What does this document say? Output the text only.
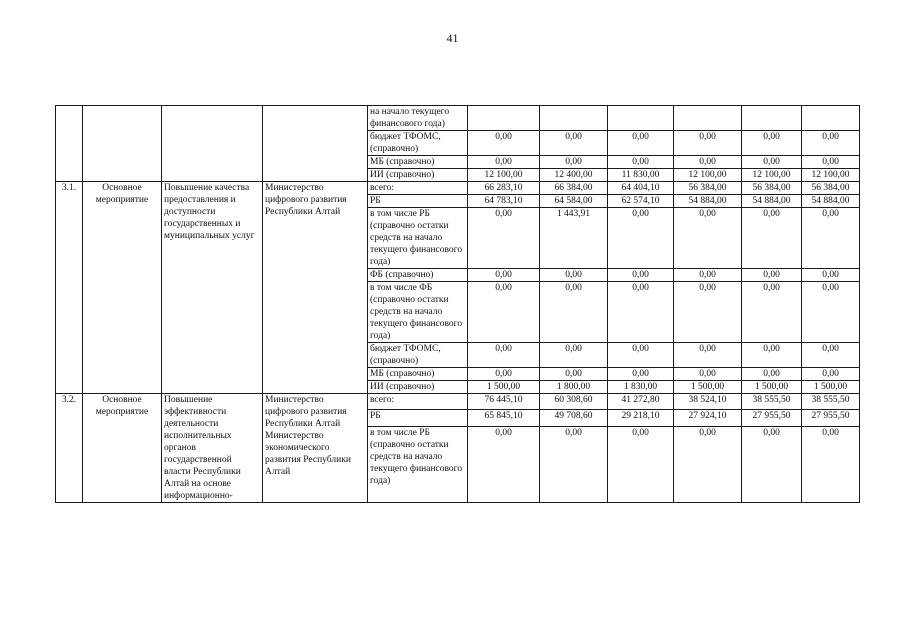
41
				на начало текущего финансового года)						
				бюджет ТФОМС, (справочно)	0,00	0,00	0,00	0,00	0,00	0,00
				МБ (справочно)	0,00	0,00	0,00	0,00	0,00	0,00
				ИИ (справочно)	12 100,00	12 400,00	11 830,00	12 100,00	12 100,00	12 100,00
3.1.	Основное мероприятие	Повышение качества предоставления и доступности государственных и муниципальных услуг	Министерство цифрового развития Республики Алтай	всего:	66 283,10	66 384,00	64 404,10	56 384,00	56 384,00	56 384,00
				РБ	64 783,10	64 584,00	62 574,10	54 884,00	54 884,00	54 884,00
				в том числе РБ (справочно остатки средств на начало текущего финансового года)	0,00	1 443,91	0,00	0,00	0,00	0,00
				ФБ (справочно)	0,00	0,00	0,00	0,00	0,00	0,00
				в том числе ФБ (справочно остатки средств на начало текущего финансового года)	0,00	0,00	0,00	0,00	0,00	0,00
				бюджет ТФОМС, (справочно)	0,00	0,00	0,00	0,00	0,00	0,00
				МБ (справочно)	0,00	0,00	0,00	0,00	0,00	0,00
				ИИ (справочно)	1 500,00	1 800,00	1 830,00	1 500,00	1 500,00	1 500,00
3.2.	Основное мероприятие	Повышение эффективности деятельности исполнительных органов государственной власти Республики Алтай на основе информационно-	Министерство цифрового развития Республики Алтай Министерство экономического развития Республики Алтай	всего:	76 445,10	60 308,60	41 272,80	38 524,10	38 555,50	38 555,50
				РБ	65 845,10	49 708,60	29 218,10	27 924,10	27 955,50	27 955,50
				в том числе РБ (справочно остатки средств на начало текущего финансового года)	0,00	0,00	0,00	0,00	0,00	0,00
